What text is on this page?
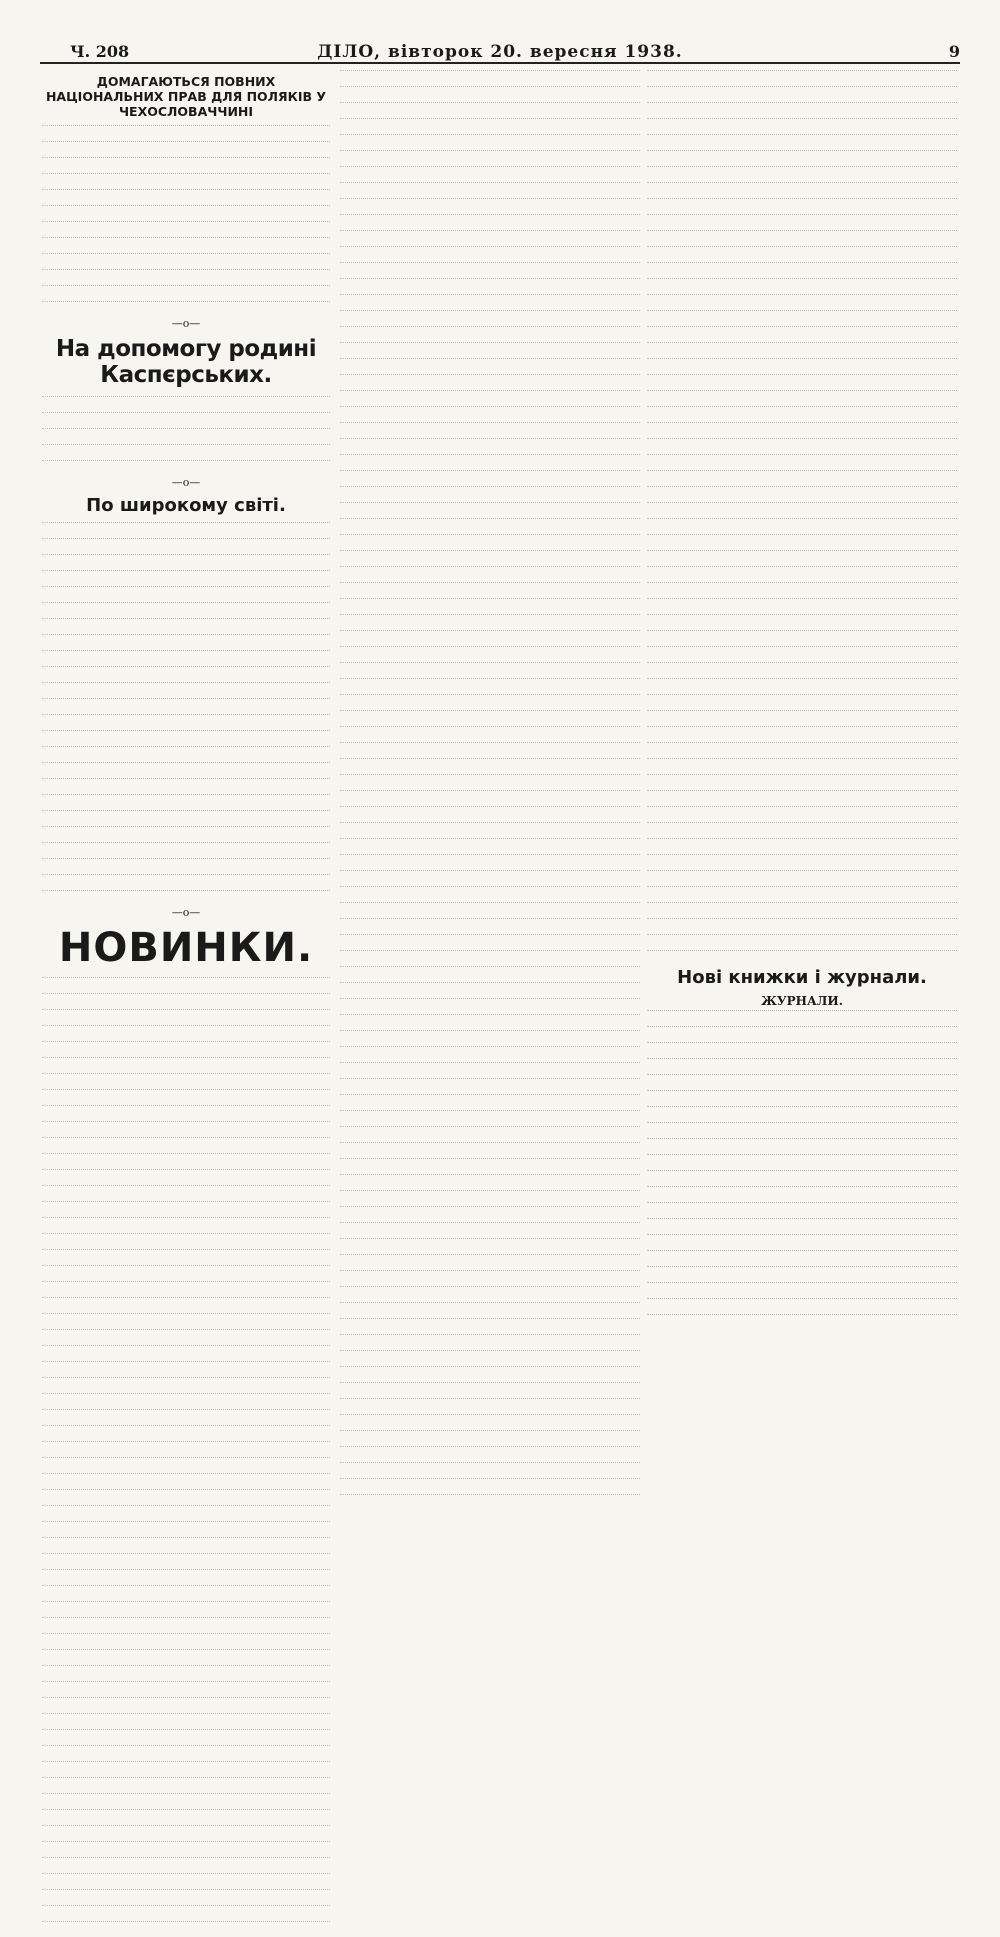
Ч. 208	ДІЛО, вівторок 20. вересня 1938.	9
ДОМАГАЮТЬСЯ ПОВНИХ НАЦІОНАЛЬНИХ ПРАВ ДЛЯ ПОЛЯКІВ У ЧЕХОСЛОВАЧЧИНІ
—о—
На допомогу родині Каспєрських.
—о—
По широкому світі.
—о—
НОВИНКИ.
Нові книжки і журнали.
ЖУРНАЛИ.
